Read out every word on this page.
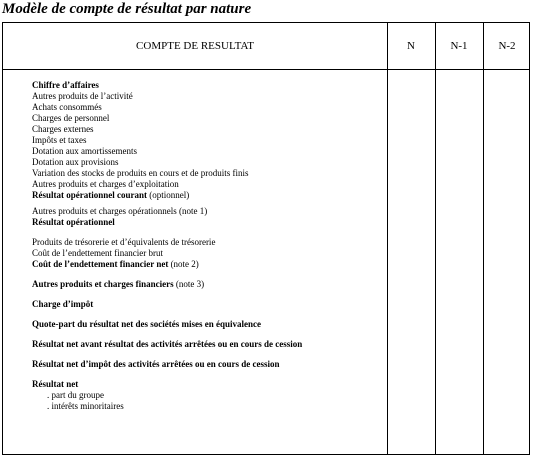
Modèle de compte de résultat par nature
COMPTE DE RESULTAT	N	N-1	N-2
Chiffre d’affaires
Autres produits de l’activité
Achats consommés
Charges de personnel
Charges externes
Impôts et taxes
Dotation aux amortissements
Dotation aux provisions
Variation des stocks de produits en cours et de produits finis
Autres produits et charges d’exploitation
Résultat opérationnel courant (optionnel)
Autres produits et charges opérationnels (note 1)
Résultat opérationnel
Produits de trésorerie et d’équivalents de trésorerie
Coût de l’endettement financier brut
Coût de l’endettement financier net (note 2)
Autres produits et charges financiers (note 3)
Charge d’impôt
Quote-part du résultat net des sociétés mises en équivalence
Résultat net avant résultat des activités arrêtées ou en cours de cession
Résultat net d’impôt des activités arrêtées ou en cours de cession
Résultat net
. part du groupe
. intérêts minoritaires
